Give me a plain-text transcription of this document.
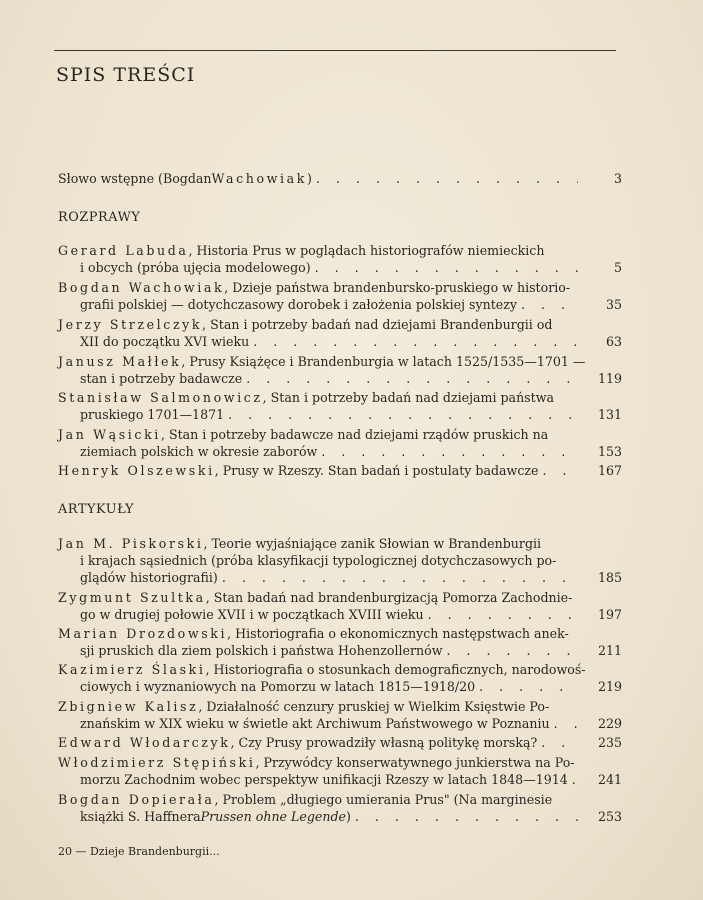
SPIS TREŚCI
Słowo wstępne (Bogdan Wachowiak ) . . .	3
ROZPRAWY
Gerard Labuda , Historia Prus w poglądach historiografów niemieckich
i obcych (próba ujęcia modelowego) . . .	5
Bogdan Wachowiak , Dzieje państwa brandenbursko-pruskiego w historio-
grafii polskiej — dotychczasowy dorobek i założenia polskiej syntezy . . .	35
Jerzy Strzelczyk , Stan i potrzeby badań nad dziejami Brandenburgii od
XII do początku XVI wieku . . .	63
Janusz Małłek , Prusy Książęce i Brandenburgia w latach 1525/1535—1701 —
stan i potrzeby badawcze . . .	119
Stanisław Salmonowicz , Stan i potrzeby badań nad dziejami państwa
pruskiego 1701—1871 . . .	131
Jan Wąsicki , Stan i potrzeby badawcze nad dziejami rządów pruskich na
ziemiach polskich w okresie zaborów . . .	153
Henryk Olszewski , Prusy w Rzeszy. Stan badań i postulaty badawcze . . .	167
ARTYKUŁY
Jan M. Piskorski , Teorie wyjaśniające zanik Słowian w Brandenburgii
i krajach sąsiednich (próba klasyfikacji typologicznej dotychczasowych po-
glądów historiografii) . . .	185
Zygmunt Szultka , Stan badań nad brandenburgizacją Pomorza Zachodnie-
go w drugiej połowie XVII i w początkach XVIII wieku . . .	197
Marian Drozdowski , Historiografia o ekonomicznych następstwach anek-
sji pruskich dla ziem polskich i państwa Hohenzollernów . . .	211
Kazimierz Ślaski , Historiografia o stosunkach demograficznych, narodowoś-
ciowych i wyznaniowych na Pomorzu w latach 1815—1918/20 . . .	219
Zbigniew Kalisz , Działalność cenzury pruskiej w Wielkim Księstwie Po-
znańskim w XIX wieku w świetle akt Archiwum Państwowego w Poznaniu . . .	229
Edward Włodarczyk , Czy Prusy prowadziły własną politykę morską? . . .	235
Włodzimierz Stępiński , Przywódcy konserwatywnego junkierstwa na Po-
morzu Zachodnim wobec perspektyw unifikacji Rzeszy w latach 1848—1914 . . .	241
Bogdan Dopierała , Problem „długiego umierania Prus" (Na marginesie
książki S. Haffnera Prussen ohne Legende ) . . .	253
20 — Dzieje Brandenburgii...
